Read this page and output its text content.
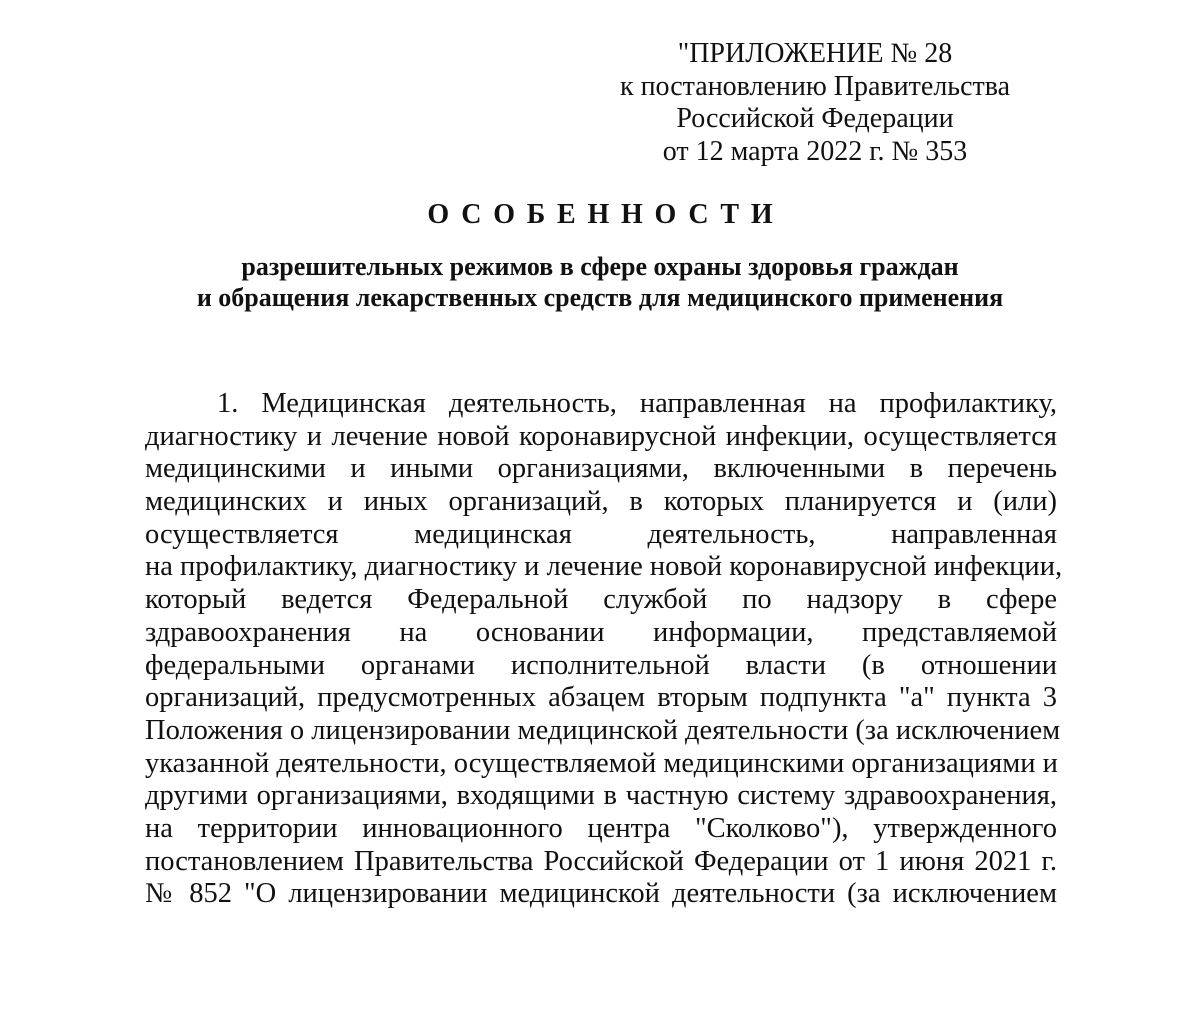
"ПРИЛОЖЕНИЕ № 28
к постановлению Правительства
Российской Федерации
от 12 марта 2022 г. № 353
ОСОБЕННОСТИ
разрешительных режимов в сфере охраны здоровья граждан
и обращения лекарственных средств для медицинского применения
1. Медицинская деятельность, направленная на профилактику,
диагностику и лечение новой коронавирусной инфекции, осуществляется
медицинскими и иными организациями, включенными в перечень
медицинских и иных организаций, в которых планируется и (или)
осуществляется медицинская деятельность, направленная
на профилактику, диагностику и лечение новой коронавирусной инфекции,
который ведется Федеральной службой по надзору в сфере
здравоохранения на основании информации, представляемой
федеральными органами исполнительной власти (в отношении
организаций, предусмотренных абзацем вторым подпункта "а" пункта 3
Положения о лицензировании медицинской деятельности (за исключением
указанной деятельности, осуществляемой медицинскими организациями и
другими организациями, входящими в частную систему здравоохранения,
на территории инновационного центра "Сколково"), утвержденного
постановлением Правительства Российской Федерации от 1 июня 2021 г.
№ 852 "О лицензировании медицинской деятельности (за исключением
